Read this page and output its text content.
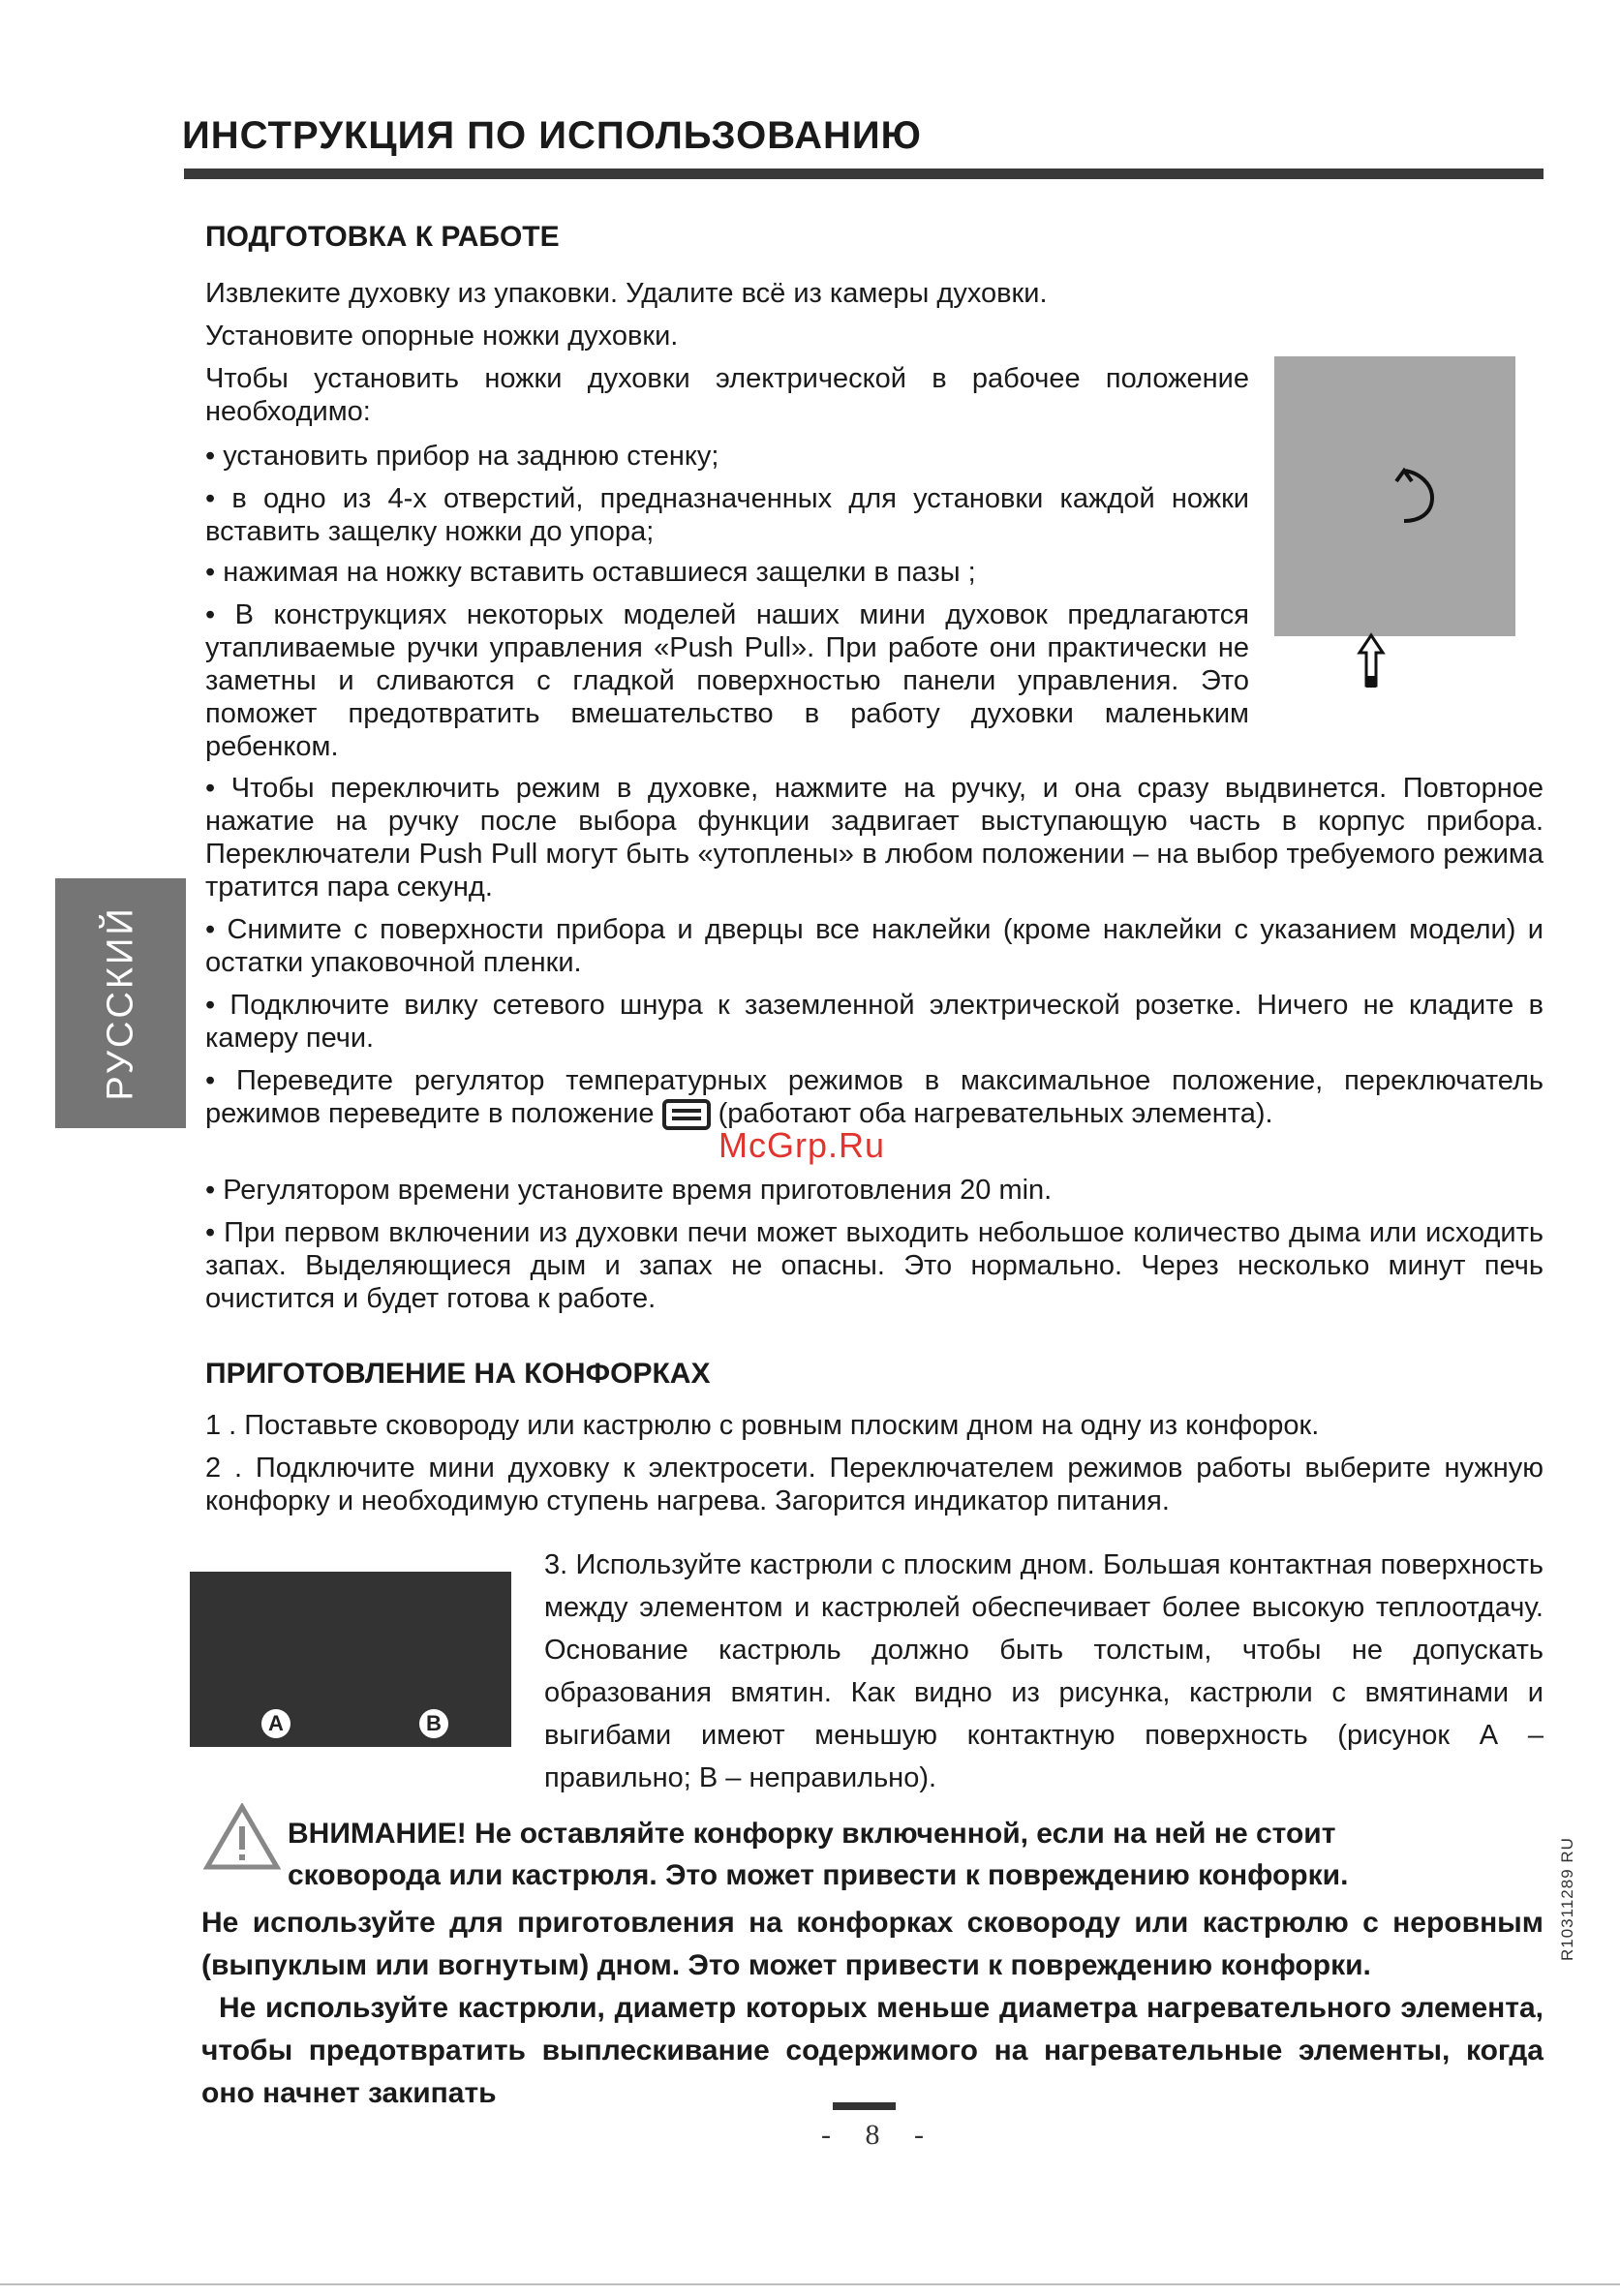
ИНСТРУКЦИЯ ПО ИСПОЛЬЗОВАНИЮ
РУССКИЙ
ПОДГОТОВКА К РАБОТЕ

Извлеките духовку из упаковки. Удалите всё из камеры духовки.

Установите опорные ножки духовки.

Чтобы установить ножки духовки электрической в рабочее положение необходимо:

• установить прибор на заднюю стенку;

• в одно из 4-х отверстий, предназначенных для установки каждой ножки вставить защелку ножки до упора;

• нажимая на ножку вставить оставшиеся защелки в пазы ;

• В конструкциях некоторых моделей наших мини духовок предлагаются утапливаемые ручки управления «Push Pull». При работе они практически не заметны и сливаются с гладкой поверхностью панели управления. Это поможет предотвратить вмешательство в работу духовки маленьким ребенком.

• Чтобы переключить режим в духовке, нажмите на ручку, и она сразу выдвинется. Повторное нажатие на ручку после выбора функции задвигает выступающую часть в корпус прибора. Переключатели Push Pull могут быть «утоплены» в любом положении – на выбор требуемого режима тратится пара секунд.

• Снимите с поверхности прибора и дверцы все наклейки (кроме наклейки с указанием модели) и остатки упаковочной пленки.

• Подключите вилку сетевого шнура к заземленной электрической розетке. Ничего не кладите в камеру печи.

• Переведите регулятор температурных режимов в максимальное положение, переключатель режимов переведите в положение (работают оба нагревательных элемента).

McGrp.Ru

• Регулятором времени установите время приготовления 20 min.

• При первом включении из духовки печи может выходить небольшое количество дыма или исходить запах. Выделяющиеся дым и запах не опасны. Это нормально. Через несколько минут печь очистится и будет готова к работе.

ПРИГОТОВЛЕНИЕ НА КОНФОРКАХ

1 . Поставьте сковороду или кастрюлю с ровным плоским дном на одну из конфорок.

2 . Подключите мини духовку к электросети. Переключателем режимов работы выберите нужную конфорку и необходимую ступень нагрева. Загорится индикатор питания.

A	B

3. Используйте кастрюли с плоским дном. Большая контактная поверхность между элементом и кастрюлей обеспечивает более высокую теплоотдачу. Основание кастрюль должно быть толстым, чтобы не допускать образования вмятин. Как видно из рисунка, кастрюли с вмятинами и выгибами имеют меньшую контактную поверхность (рисунок А – правильно; В – неправильно).

ВНИМАНИЕ! Не оставляйте конфорку включенной, если на ней не стоит
сковорода или кастрюля. Это может привести к повреждению конфорки.

Не используйте для приготовления на конфорках сковороду или кастрюлю с неровным (выпуклым или вогнутым) дном. Это может привести к повреждению конфорки.

Не используйте кастрюли, диаметр которых меньше диаметра нагревательного элемента, чтобы предотвратить выплескивание содержимого на нагревательные элементы, когда оно начнет закипать

R10311289 RU
- 8 -
